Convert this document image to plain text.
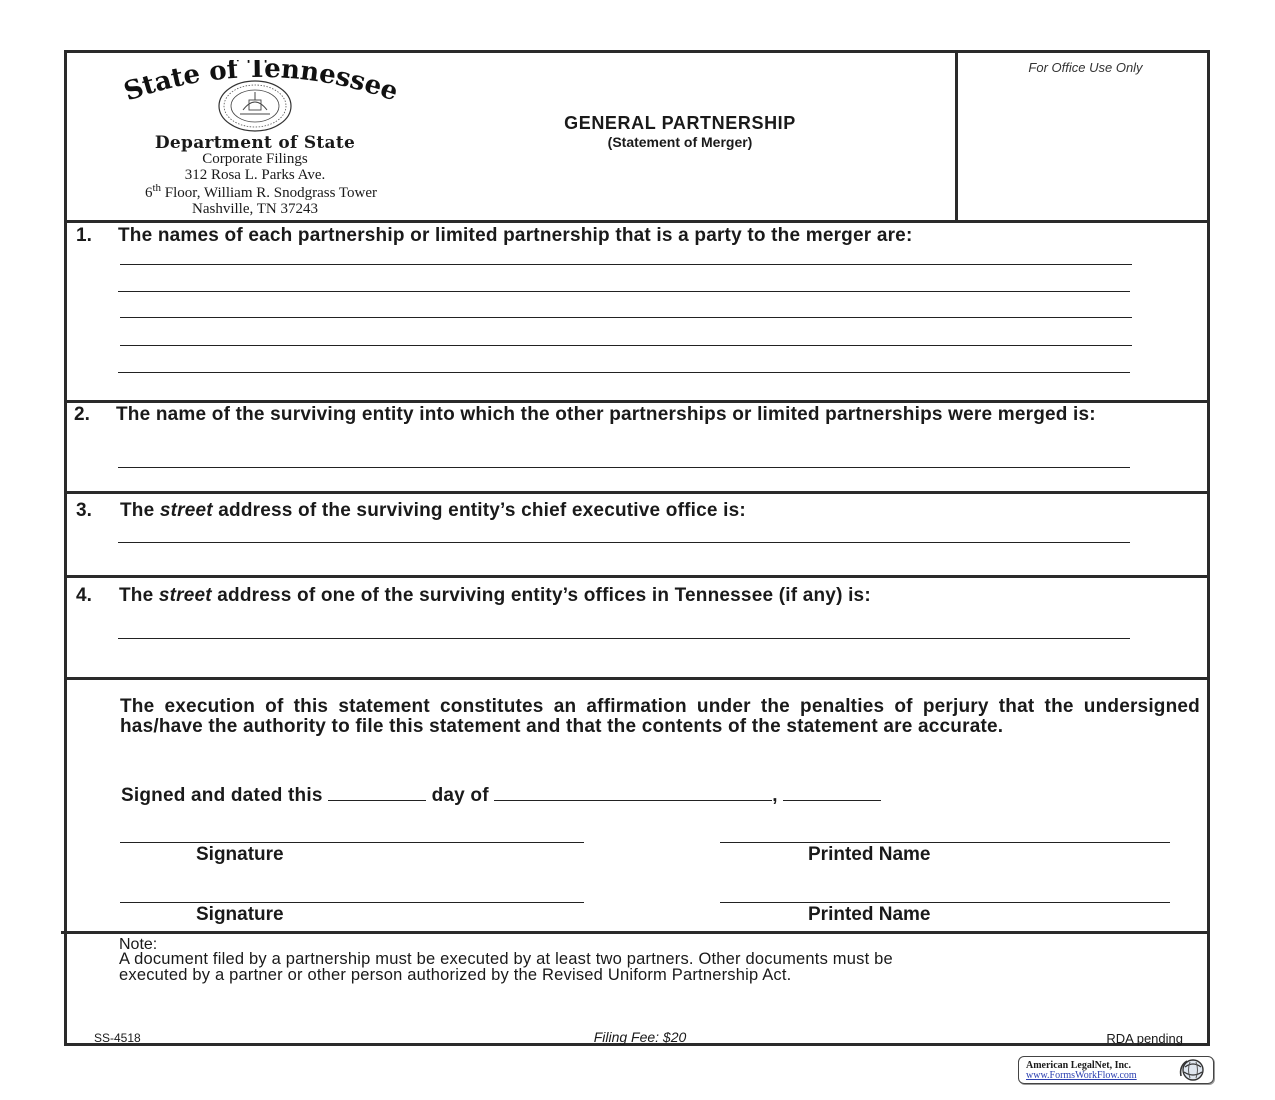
State of Tennessee
Department of State
Corporate Filings
312 Rosa L. Parks Ave.
6th Floor, William R. Snodgrass Tower
Nashville, TN 37243
GENERAL PARTNERSHIP
(Statement of Merger)
For Office Use Only
1. The names of each partnership or limited partnership that is a party to the merger are:
2. The name of the surviving entity into which the other partnerships or limited partnerships were merged is:
3. The street address of the surviving entity’s chief executive office is:
4. The street address of one of the surviving entity’s offices in Tennessee (if any) is:
The execution of this statement constitutes an affirmation under the penalties of perjury that the undersigned has/have the authority to file this statement and that the contents of the statement are accurate.
Signed and dated this	day of	,
Signature	Printed Name
Signature	Printed Name
Note:
A document filed by a partnership must be executed by at least two partners. Other documents must be
executed by a partner or other person authorized by the Revised Uniform Partnership Act.
SS-4518	Filing Fee: $20	RDA pending
American LegalNet, Inc.
www.FormsWorkFlow.com
